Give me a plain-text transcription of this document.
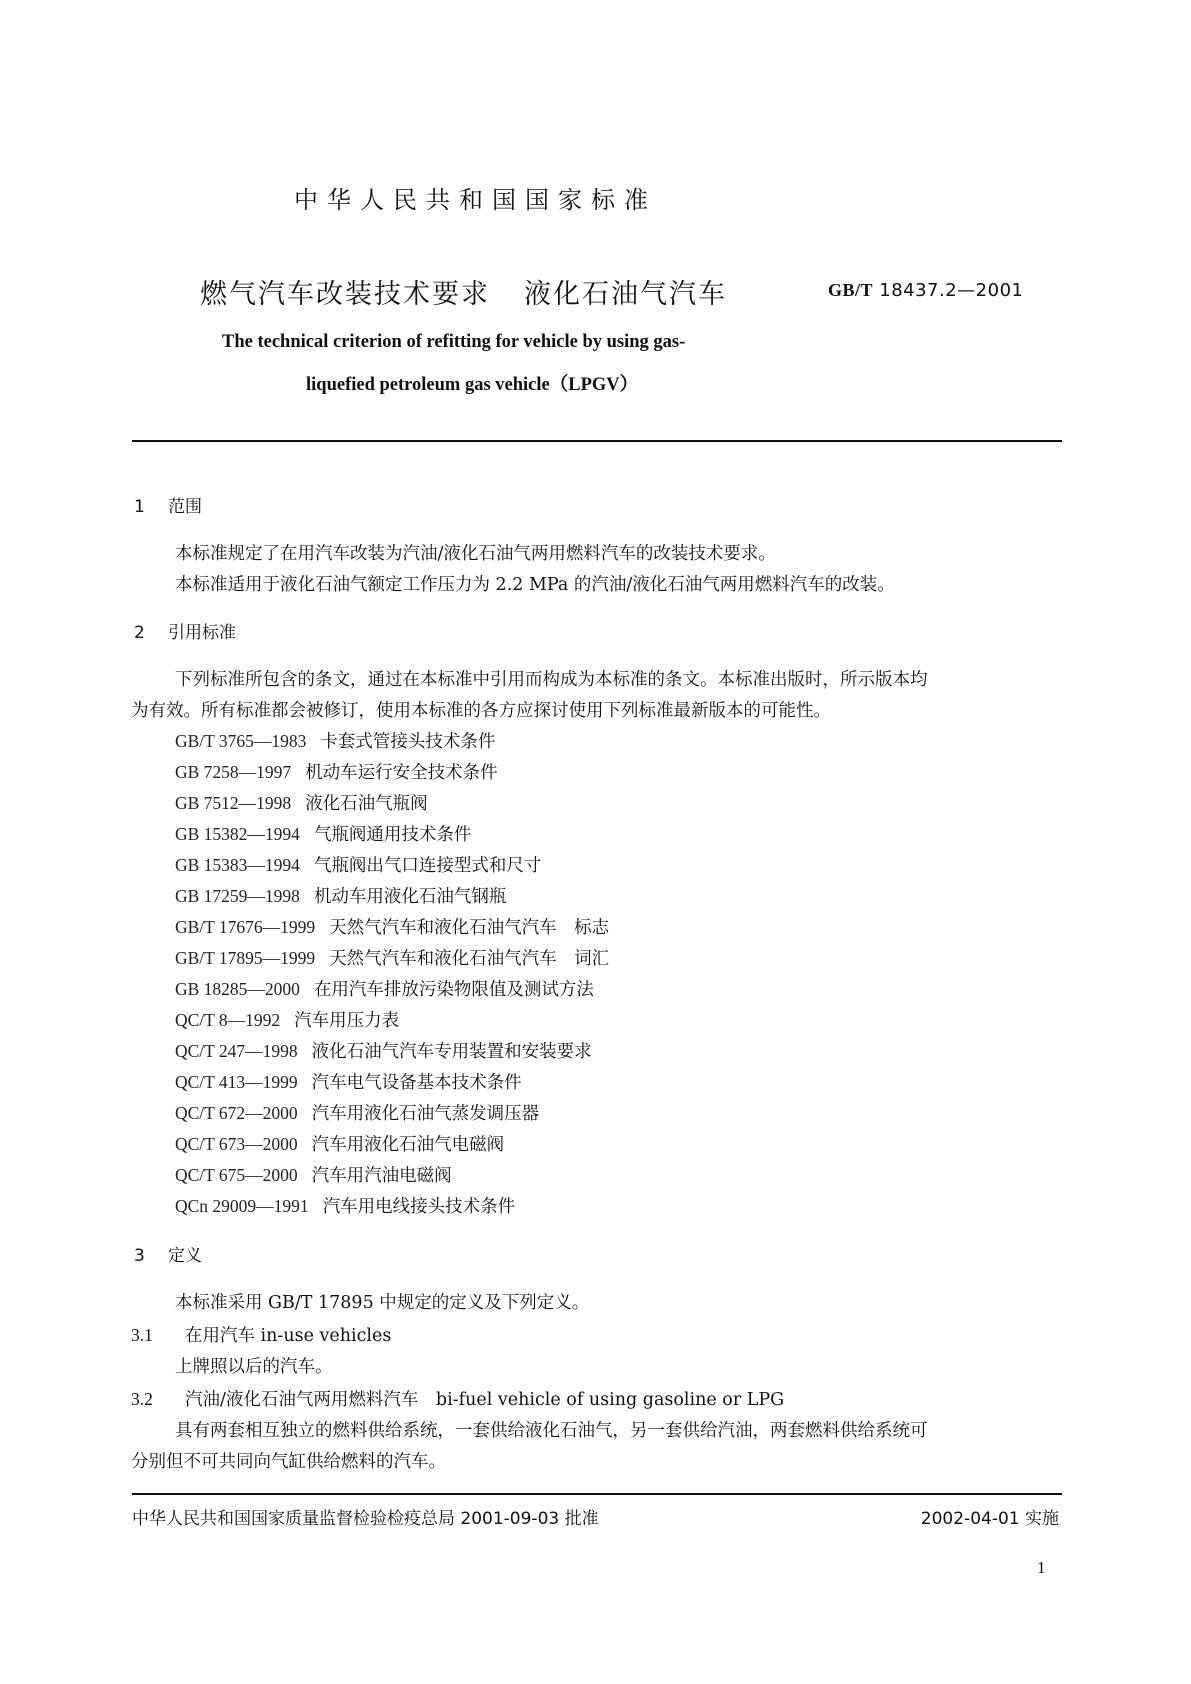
中华人民共和国国家标准
燃气汽车改装技术要求 液化石油气汽车	GB/T 18437.2—2001
The technical criterion of refitting for vehicle by using gas-
liquefied petroleum gas vehicle（LPGV）
1 范围
本标准规定了在用汽车改装为汽油/液化石油气两用燃料汽车的改装技术要求。
本标准适用于液化石油气额定工作压力为 2.2 MPa 的汽油/液化石油气两用燃料汽车的改装。
2 引用标准
下列标准所包含的条文，通过在本标准中引用而构成为本标准的条文。本标准出版时，所示版本均
为有效。所有标准都会被修订，使用本标准的各方应探讨使用下列标准最新版本的可能性。
GB/T 3765—1983 卡套式管接头技术条件
GB 7258—1997 机动车运行安全技术条件
GB 7512—1998 液化石油气瓶阀
GB 15382—1994 气瓶阀通用技术条件
GB 15383—1994 气瓶阀出气口连接型式和尺寸
GB 17259—1998 机动车用液化石油气钢瓶
GB/T 17676—1999 天然气汽车和液化石油气汽车　标志
GB/T 17895—1999 天然气汽车和液化石油气汽车　词汇
GB 18285—2000 在用汽车排放污染物限值及测试方法
QC/T 8—1992 汽车用压力表
QC/T 247—1998 液化石油气汽车专用装置和安装要求
QC/T 413—1999 汽车电气设备基本技术条件
QC/T 672—2000 汽车用液化石油气蒸发调压器
QC/T 673—2000 汽车用液化石油气电磁阀
QC/T 675—2000 汽车用汽油电磁阀
QCn 29009—1991 汽车用电线接头技术条件
3 定义
本标准采用 GB/T 17895 中规定的定义及下列定义。
3.1 在用汽车 in-use vehicles
上牌照以后的汽车。
3.2 汽油/液化石油气两用燃料汽车　bi-fuel vehicle of using gasoline or LPG
具有两套相互独立的燃料供给系统，一套供给液化石油气，另一套供给汽油，两套燃料供给系统可
分别但不可共同向气缸供给燃料的汽车。
中华人民共和国国家质量监督检验检疫总局 2001-09-03 批准	2002-04-01 实施
1
